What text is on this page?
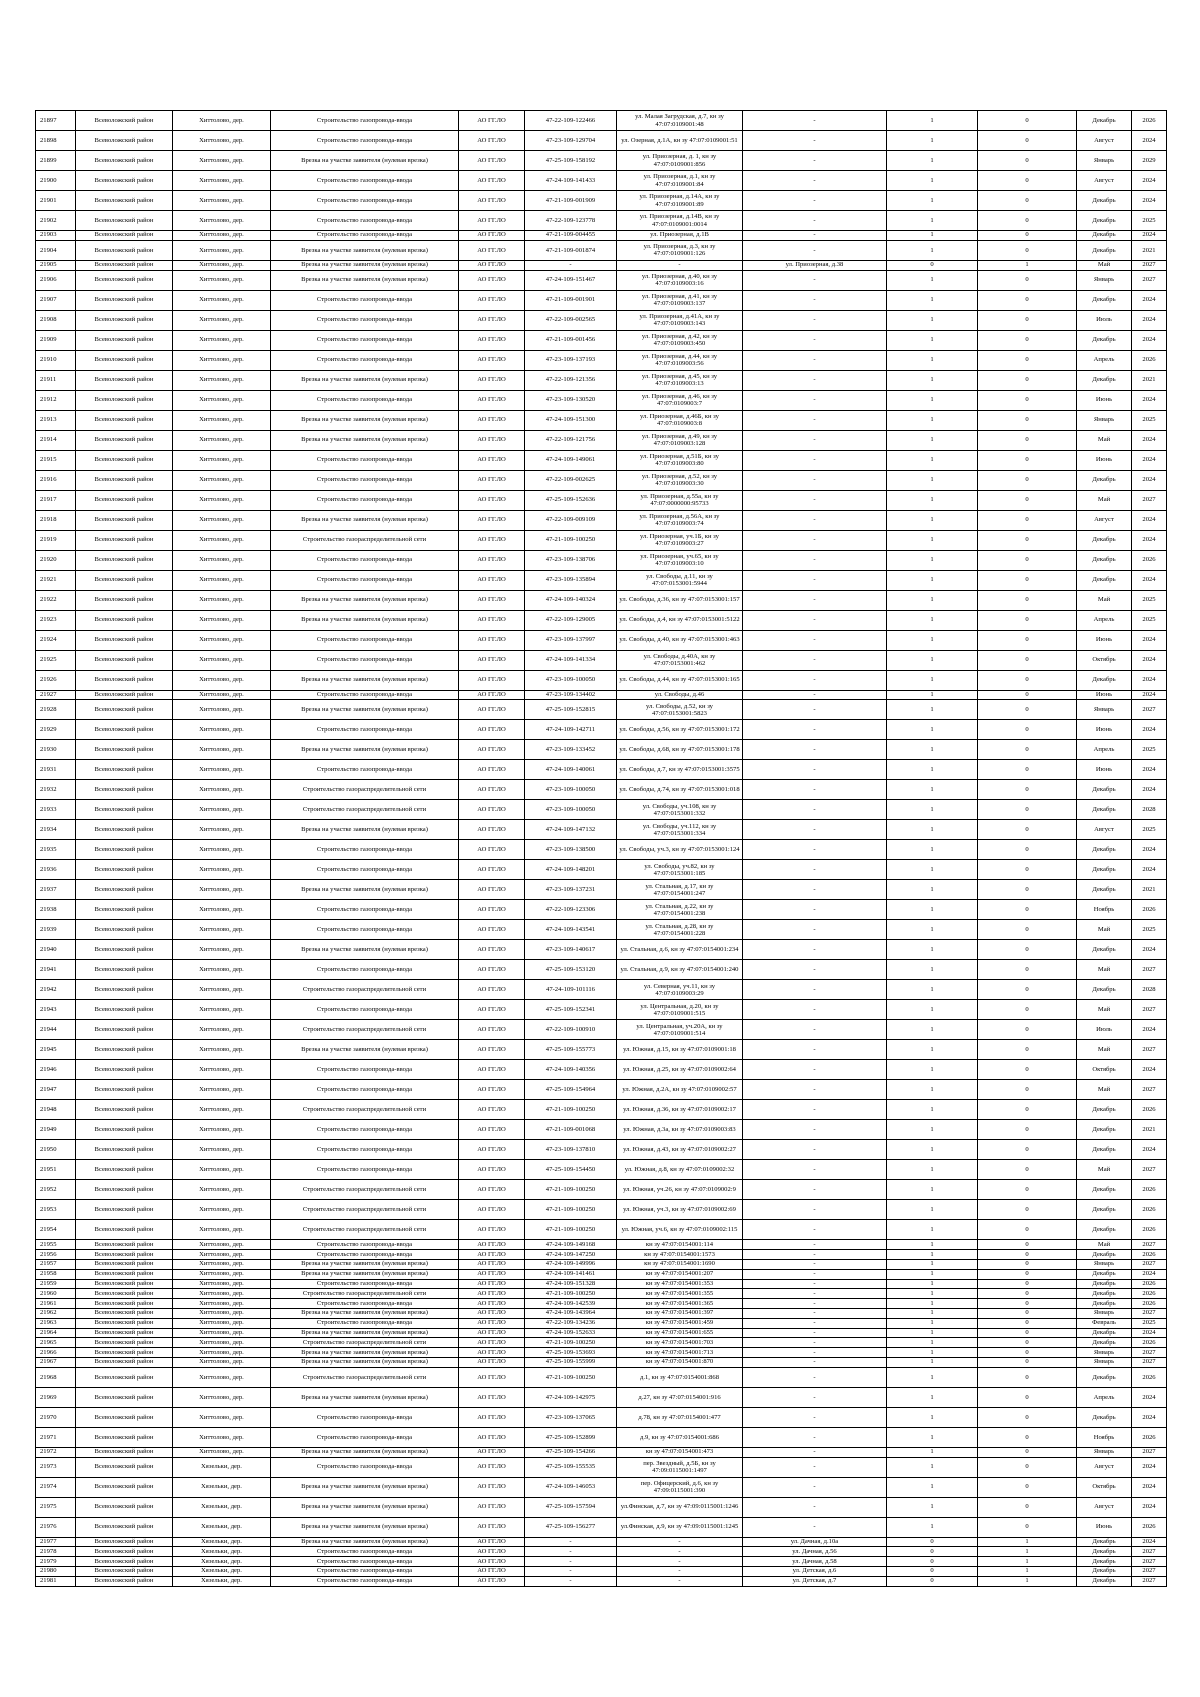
21897	Всеволожский район	Хиттолово, дер.	Строительство газопровода-ввода	АО ГГ.ЛО	47-22-109-122466	ул. Малая Загрудская, д.7, кн зу 47:07:0109001:48	-	1	0	Декабрь	2026
21898	Всеволожский район	Хиттолово, дер.	Строительство газопровода-ввода	АО ГГ.ЛО	47-23-109-129704	ул. Озерная, д.1А, кн зу 47:07:0109001:51	-	1	0	Август	2024
21899	Всеволожский район	Хиттолово, дер.	Врезка на участке заявителя (нулевая врезка)	АО ГГ.ЛО	47-25-109-158192	ул. Приозерная, д. 1, кн зу 47:07:0109001:856	-	1	0	Январь	2029
21900	Всеволожский район	Хиттолово, дер.	Строительство газопровода-ввода	АО ГГ.ЛО	47-24-109-141433	ул. Приозерная, д.1, кн зу 47:07:0109001:84	-	1	0	Август	2024
21901	Всеволожский район	Хиттолово, дер.	Строительство газопровода-ввода	АО ГГ.ЛО	47-21-109-001909	ул. Приозерная, д.14А, кн зу 47:07:0109001:89	-	1	0	Декабрь	2024
21902	Всеволожский район	Хиттолово, дер.	Строительство газопровода-ввода	АО ГГ.ЛО	47-22-109-123778	ул. Приозерная, д.14В, кн зу 47:07:0109001:0014	-	1	0	Декабрь	2025
21903	Всеволожский район	Хиттолово, дер.	Строительство газопровода-ввода	АО ГГ.ЛО	47-21-109-004455	ул. Приозерная, д.1В	-	1	0	Декабрь	2024
21904	Всеволожский район	Хиттолово, дер.	Врезка на участке заявителя (нулевая врезка)	АО ГГ.ЛО	47-21-109-001874	ул. Приозерная, д.3, кн зу 47:07:0109001:126	-	1	0	Декабрь	2021
21905	Всеволожский район	Хиттолово, дер.	Врезка на участке заявителя (нулевая врезка)	АО ГГ.ЛО	-	-	ул. Приозерная, д.38	0	1	Май	2027
21906	Всеволожский район	Хиттолово, дер.	Врезка на участке заявителя (нулевая врезка)	АО ГГ.ЛО	47-24-109-151467	ул. Приозерная, д.40, кн зу 47:07:0109003:16	-	1	0	Январь	2027
21907	Всеволожский район	Хиттолово, дер.	Строительство газопровода-ввода	АО ГГ.ЛО	47-21-109-001901	ул. Приозерная, д.41, кн зу 47:07:0109003:137	-	1	0	Декабрь	2024
21908	Всеволожский район	Хиттолово, дер.	Строительство газопровода-ввода	АО ГГ.ЛО	47-22-109-002565	ул. Приозерная, д.41А, кн зу 47:07:0109003:143	-	1	0	Июль	2024
21909	Всеволожский район	Хиттолово, дер.	Строительство газопровода-ввода	АО ГГ.ЛО	47-21-109-001456	ул. Приозерная, д.42, кн зу 47:07:0109003:450	-	1	0	Декабрь	2024
21910	Всеволожский район	Хиттолово, дер.	Строительство газопровода-ввода	АО ГГ.ЛО	47-23-109-137193	ул. Приозерная, д.44, кн зу 47:07:0109003:56	-	1	0	Апрель	2026
21911	Всеволожский район	Хиттолово, дер.	Врезка на участке заявителя (нулевая врезка)	АО ГГ.ЛО	47-22-109-121356	ул. Приозерная, д.45, кн зу 47:07:0109003:13	-	1	0	Декабрь	2021
21912	Всеволожский район	Хиттолово, дер.	Строительство газопровода-ввода	АО ГГ.ЛО	47-23-109-130520	ул. Приозерная, д.46, кн зу 47:07:0109003:7	-	1	0	Июнь	2024
21913	Всеволожский район	Хиттолово, дер.	Врезка на участке заявителя (нулевая врезка)	АО ГГ.ЛО	47-24-109-151300	ул. Приозерная, д.46Б, кн зу 47:07:0109003:8	-	1	0	Январь	2025
21914	Всеволожский район	Хиттолово, дер.	Врезка на участке заявителя (нулевая врезка)	АО ГГ.ЛО	47-22-109-121756	ул. Приозерная, д.49, кн зу 47:07:0109003:128	-	1	0	Май	2024
21915	Всеволожский район	Хиттолово, дер.	Строительство газопровода-ввода	АО ГГ.ЛО	47-24-109-149061	ул. Приозерная, д.51Б, кн зу 47:07:0109003:80	-	1	0	Июнь	2024
21916	Всеволожский район	Хиттолово, дер.	Строительство газопровода-ввода	АО ГГ.ЛО	47-22-109-002625	ул. Приозерная, д.52, кн зу 47:07:0109003:30	-	1	0	Декабрь	2024
21917	Всеволожский район	Хиттолово, дер.	Строительство газопровода-ввода	АО ГГ.ЛО	47-25-109-152636	ул. Приозерная, д.55а, кн зу 47:07:0000000:95733	-	1	0	Май	2027
21918	Всеволожский район	Хиттолово, дер.	Врезка на участке заявителя (нулевая врезка)	АО ГГ.ЛО	47-22-109-009109	ул. Приозерная, д.56А, кн зу 47:07:0109003:74	-	1	0	Август	2024
21919	Всеволожский район	Хиттолово, дер.	Строительство газораспределительной сети	АО ГГ.ЛО	47-21-109-100250	ул. Приозерная, уч.1Б, кн зу 47:07:0109003:27	-	1	0	Декабрь	2024
21920	Всеволожский район	Хиттолово, дер.	Строительство газопровода-ввода	АО ГГ.ЛО	47-23-109-138706	ул. Приозерная, уч.65, кн зу 47:07:0109003:10	-	1	0	Декабрь	2026
21921	Всеволожский район	Хиттолово, дер.	Строительство газопровода-ввода	АО ГГ.ЛО	47-23-109-135894	ул. Свободы, д.11, кн зу 47:07:0153001:5944	-	1	0	Декабрь	2024
21922	Всеволожский район	Хиттолово, дер.	Врезка на участке заявителя (нулевая врезка)	АО ГГ.ЛО	47-24-109-140324	ул. Свободы, д.36, кн зу 47:07:0153001:157	-	1	0	Май	2025
21923	Всеволожский район	Хиттолово, дер.	Врезка на участке заявителя (нулевая врезка)	АО ГГ.ЛО	47-22-109-129005	ул. Свободы, д.4, кн зу 47:07:0153001:5122	-	1	0	Апрель	2025
21924	Всеволожский район	Хиттолово, дер.	Строительство газопровода-ввода	АО ГГ.ЛО	47-23-109-137997	ул. Свободы, д.40, кн зу 47:07:0153001:463	-	1	0	Июнь	2024
21925	Всеволожский район	Хиттолово, дер.	Строительство газопровода-ввода	АО ГГ.ЛО	47-24-109-141334	ул. Свободы, д.40А, кн зу 47:07:0153001:462	-	1	0	Октябрь	2024
21926	Всеволожский район	Хиттолово, дер.	Врезка на участке заявителя (нулевая врезка)	АО ГГ.ЛО	47-23-109-100050	ул. Свободы, д.44, кн зу 47:07:0153001:165	-	1	0	Декабрь	2024
21927	Всеволожский район	Хиттолово, дер.	Строительство газопровода-ввода	АО ГГ.ЛО	47-23-109-134402	ул. Свободы, д.46	-	1	0	Июнь	2024
21928	Всеволожский район	Хиттолово, дер.	Врезка на участке заявителя (нулевая врезка)	АО ГГ.ЛО	47-25-109-152815	ул. Свободы, д.52, кн зу 47:07:0153001:5823	-	1	0	Январь	2027
21929	Всеволожский район	Хиттолово, дер.	Строительство газопровода-ввода	АО ГГ.ЛО	47-24-109-142711	ул. Свободы, д.56, кн зу 47:07:0153001:172	-	1	0	Июнь	2024
21930	Всеволожский район	Хиттолово, дер.	Врезка на участке заявителя (нулевая врезка)	АО ГГ.ЛО	47-23-109-133452	ул. Свободы, д.68, кн зу 47:07:0153001:178	-	1	0	Апрель	2025
21931	Всеволожский район	Хиттолово, дер.	Строительство газопровода-ввода	АО ГГ.ЛО	47-24-109-140061	ул. Свободы, д.7, кн зу 47:07:0153001:3575	-	1	0	Июнь	2024
21932	Всеволожский район	Хиттолово, дер.	Строительство газораспределительной сети	АО ГГ.ЛО	47-23-109-100050	ул. Свободы, д.74, кн зу 47:07:0153001:018	-	1	0	Декабрь	2024
21933	Всеволожский район	Хиттолово, дер.	Строительство газораспределительной сети	АО ГГ.ЛО	47-23-109-100050	ул. Свободы, уч.108, кн зу 47:07:0153001:332	-	1	0	Декабрь	2028
21934	Всеволожский район	Хиттолово, дер.	Врезка на участке заявителя (нулевая врезка)	АО ГГ.ЛО	47-24-109-147132	ул. Свободы, уч.112, кн зу 47:07:0153001:334	-	1	0	Август	2025
21935	Всеволожский район	Хиттолово, дер.	Строительство газопровода-ввода	АО ГГ.ЛО	47-23-109-138500	ул. Свободы, уч.3, кн зу 47:07:0153001:124	-	1	0	Декабрь	2024
21936	Всеволожский район	Хиттолово, дер.	Строительство газопровода-ввода	АО ГГ.ЛО	47-24-109-148201	ул. Свободы, уч.82, кн зу 47:07:0153001:185	-	1	0	Декабрь	2024
21937	Всеволожский район	Хиттолово, дер.	Врезка на участке заявителя (нулевая врезка)	АО ГГ.ЛО	47-23-109-137231	ул. Стальная, д.17, кн зу 47:07:0154001:247	-	1	0	Декабрь	2021
21938	Всеволожский район	Хиттолово, дер.	Строительство газопровода-ввода	АО ГГ.ЛО	47-22-109-123306	ул. Стальная, д.22, кн зу 47:07:0154001:238	-	1	0	Ноябрь	2026
21939	Всеволожский район	Хиттолово, дер.	Строительство газопровода-ввода	АО ГГ.ЛО	47-24-109-143541	ул. Стальная, д.28, кн зу 47:07:0154001:228	-	1	0	Май	2025
21940	Всеволожский район	Хиттолово, дер.	Врезка на участке заявителя (нулевая врезка)	АО ГГ.ЛО	47-23-109-140617	ул. Стальная, д.6, кн зу 47:07:0154001:234	-	1	0	Декабрь	2024
21941	Всеволожский район	Хиттолово, дер.	Строительство газопровода-ввода	АО ГГ.ЛО	47-25-109-153120	ул. Стальная, д.9, кн зу 47:07:0154001:240	-	1	0	Май	2027
21942	Всеволожский район	Хиттолово, дер.	Строительство газораспределительной сети	АО ГГ.ЛО	47-24-109-101116	ул. Северная, уч.11, кн зу 47:07:0109003:29	-	1	0	Декабрь	2028
21943	Всеволожский район	Хиттолово, дер.	Строительство газопровода-ввода	АО ГГ.ЛО	47-25-109-152341	ул. Центральная, д.20, кн зу 47:07:0109001:515	-	1	0	Май	2027
21944	Всеволожский район	Хиттолово, дер.	Строительство газораспределительной сети	АО ГГ.ЛО	47-22-109-100910	ул. Центральная, уч.20А, кн зу 47:07:0109001:514	-	1	0	Июль	2024
21945	Всеволожский район	Хиттолово, дер.	Врезка на участке заявителя (нулевая врезка)	АО ГГ.ЛО	47-25-109-155773	ул. Южная, д.15, кн зу 47:07:0109001:18	-	1	0	Май	2027
21946	Всеволожский район	Хиттолово, дер.	Строительство газопровода-ввода	АО ГГ.ЛО	47-24-109-140356	ул. Южная, д.25, кн зу 47:07:0109002:64	-	1	0	Октябрь	2024
21947	Всеволожский район	Хиттолово, дер.	Строительство газопровода-ввода	АО ГГ.ЛО	47-25-109-154964	ул. Южная, д.2А, кн зу 47:07:0109002:57	-	1	0	Май	2027
21948	Всеволожский район	Хиттолово, дер.	Строительство газораспределительной сети	АО ГГ.ЛО	47-21-109-100250	ул. Южная, д.36, кн зу 47:07:0109002:17	-	1	0	Декабрь	2026
21949	Всеволожский район	Хиттолово, дер.	Строительство газопровода-ввода	АО ГГ.ЛО	47-21-109-001068	ул. Южная, д.3а, кн зу 47:07:0109003:83	-	1	0	Декабрь	2021
21950	Всеволожский район	Хиттолово, дер.	Строительство газопровода-ввода	АО ГГ.ЛО	47-23-109-137810	ул. Южная, д.43, кн зу 47:07:0109002:27	-	1	0	Декабрь	2024
21951	Всеволожский район	Хиттолово, дер.	Строительство газопровода-ввода	АО ГГ.ЛО	47-25-109-154450	ул. Южная, д.8, кн зу 47:07:0109002:32	-	1	0	Май	2027
21952	Всеволожский район	Хиттолово, дер.	Строительство газораспределительной сети	АО ГГ.ЛО	47-21-109-100250	ул. Южная, уч.26, кн зу 47:07:0109002:9	-	1	0	Декабрь	2026
21953	Всеволожский район	Хиттолово, дер.	Строительство газораспределительной сети	АО ГГ.ЛО	47-21-109-100250	ул. Южная, уч.3, кн зу 47:07:0109002:69	-	1	0	Декабрь	2026
21954	Всеволожский район	Хиттолово, дер.	Строительство газораспределительной сети	АО ГГ.ЛО	47-21-109-100250	ул. Южная, уч.6, кн зу 47:07:0109002:115	-	1	0	Декабрь	2026
21955	Всеволожский район	Хиттолово, дер.	Строительство газопровода-ввода	АО ГГ.ЛО	47-24-109-149168	кн зу 47:07:0154001:114	-	1	0	Май	2027
21956	Всеволожский район	Хиттолово, дер.	Строительство газопровода-ввода	АО ГГ.ЛО	47-24-109-147250	кн зу 47:07:0154001:1573	-	1	0	Декабрь	2026
21957	Всеволожский район	Хиттолово, дер.	Врезка на участке заявителя (нулевая врезка)	АО ГГ.ЛО	47-24-109-149996	кн зу 47:07:0154001:1690	-	1	0	Январь	2027
21958	Всеволожский район	Хиттолово, дер.	Врезка на участке заявителя (нулевая врезка)	АО ГГ.ЛО	47-24-109-141461	кн зу 47:07:0154001:207	-	1	0	Декабрь	2024
21959	Всеволожский район	Хиттолово, дер.	Строительство газопровода-ввода	АО ГГ.ЛО	47-24-109-151328	кн зу 47:07:0154001:353	-	1	0	Декабрь	2026
21960	Всеволожский район	Хиттолово, дер.	Строительство газораспределительной сети	АО ГГ.ЛО	47-21-109-100250	кн зу 47:07:0154001:355	-	1	0	Декабрь	2026
21961	Всеволожский район	Хиттолово, дер.	Строительство газопровода-ввода	АО ГГ.ЛО	47-24-109-142539	кн зу 47:07:0154001:365	-	1	0	Декабрь	2026
21962	Всеволожский район	Хиттолово, дер.	Врезка на участке заявителя (нулевая врезка)	АО ГГ.ЛО	47-24-109-143964	кн зу 47:07:0154001:397	-	1	0	Январь	2027
21963	Всеволожский район	Хиттолово, дер.	Строительство газопровода-ввода	АО ГГ.ЛО	47-22-109-134236	кн зу 47:07:0154001:459	-	1	0	Февраль	2025
21964	Всеволожский район	Хиттолово, дер.	Врезка на участке заявителя (нулевая врезка)	АО ГГ.ЛО	47-24-109-152633	кн зу 47:07:0154001:655	-	1	0	Декабрь	2024
21965	Всеволожский район	Хиттолово, дер.	Строительство газораспределительной сети	АО ГГ.ЛО	47-21-109-100250	кн зу 47:07:0154001:703	-	1	0	Декабрь	2026
21966	Всеволожский район	Хиттолово, дер.	Врезка на участке заявителя (нулевая врезка)	АО ГГ.ЛО	47-25-109-153693	кн зу 47:07:0154001:713	-	1	0	Январь	2027
21967	Всеволожский район	Хиттолово, дер.	Врезка на участке заявителя (нулевая врезка)	АО ГГ.ЛО	47-25-109-155999	кн зу 47:07:0154001:870	-	1	0	Январь	2027
21968	Всеволожский район	Хиттолово, дер.	Строительство газораспределительной сети	АО ГГ.ЛО	47-21-109-100250	д.1, кн зу 47:07:0154001:868	-	1	0	Декабрь	2026
21969	Всеволожский район	Хиттолово, дер.	Врезка на участке заявителя (нулевая врезка)	АО ГГ.ЛО	47-24-109-142975	д.27, кн зу 47:07:0154001:916	-	1	0	Апрель	2024
21970	Всеволожский район	Хиттолово, дер.	Строительство газопровода-ввода	АО ГГ.ЛО	47-23-109-137065	д.78, кн зу 47:07:0154001:477	-	1	0	Декабрь	2024
21971	Всеволожский район	Хиттолово, дер.	Строительство газопровода-ввода	АО ГГ.ЛО	47-25-109-152899	д.9, кн зу 47:07:0154001:686	-	1	0	Ноябрь	2026
21972	Всеволожский район	Хиттолово, дер.	Врезка на участке заявителя (нулевая врезка)	АО ГГ.ЛО	47-25-109-154266	кн зу 47:07:0154001:473	-	1	0	Январь	2027
21973	Всеволожский район	Хязельки, дер.	Строительство газопровода-ввода	АО ГГ.ЛО	47-25-109-155535	пер. Звездный, д.5Б, кн зу 47:09:0115001:1497	-	1	0	Август	2024
21974	Всеволожский район	Хязельки, дер.	Врезка на участке заявителя (нулевая врезка)	АО ГГ.ЛО	47-24-109-146053	пер. Офицерский, д.6, кн зу 47:09:0115001:390	-	1	0	Октябрь	2024
21975	Всеволожский район	Хязельки, дер.	Врезка на участке заявителя (нулевая врезка)	АО ГГ.ЛО	47-25-109-157594	ул.Финская, д.7, кн зу 47:09:0115001:1246	-	1	0	Август	2024
21976	Всеволожский район	Хязельки, дер.	Врезка на участке заявителя (нулевая врезка)	АО ГГ.ЛО	47-25-109-156277	ул.Финская, д.9, кн зу 47:09:0115001:1245	-	1	0	Июнь	2026
21977	Всеволожский район	Хязельки, дер.	Врезка на участке заявителя (нулевая врезка)	АО ГГ.ЛО	-	-	ул. Дачная, д.10а	0	1	Декабрь	2024
21978	Всеволожский район	Хязельки, дер.	Строительство газопровода-ввода	АО ГГ.ЛО	-	-	ул. Дачная, д.56	0	1	Декабрь	2027
21979	Всеволожский район	Хязельки, дер.	Строительство газопровода-ввода	АО ГГ.ЛО	-	-	ул. Дачная, д.58	0	1	Декабрь	2027
21980	Всеволожский район	Хязельки, дер.	Строительство газопровода-ввода	АО ГГ.ЛО	-	-	ул. Детская, д.6	0	1	Декабрь	2027
21981	Всеволожский район	Хязельки, дер.	Строительство газопровода-ввода	АО ГГ.ЛО	-	-	ул. Детская, д.7	0	1	Декабрь	2027
